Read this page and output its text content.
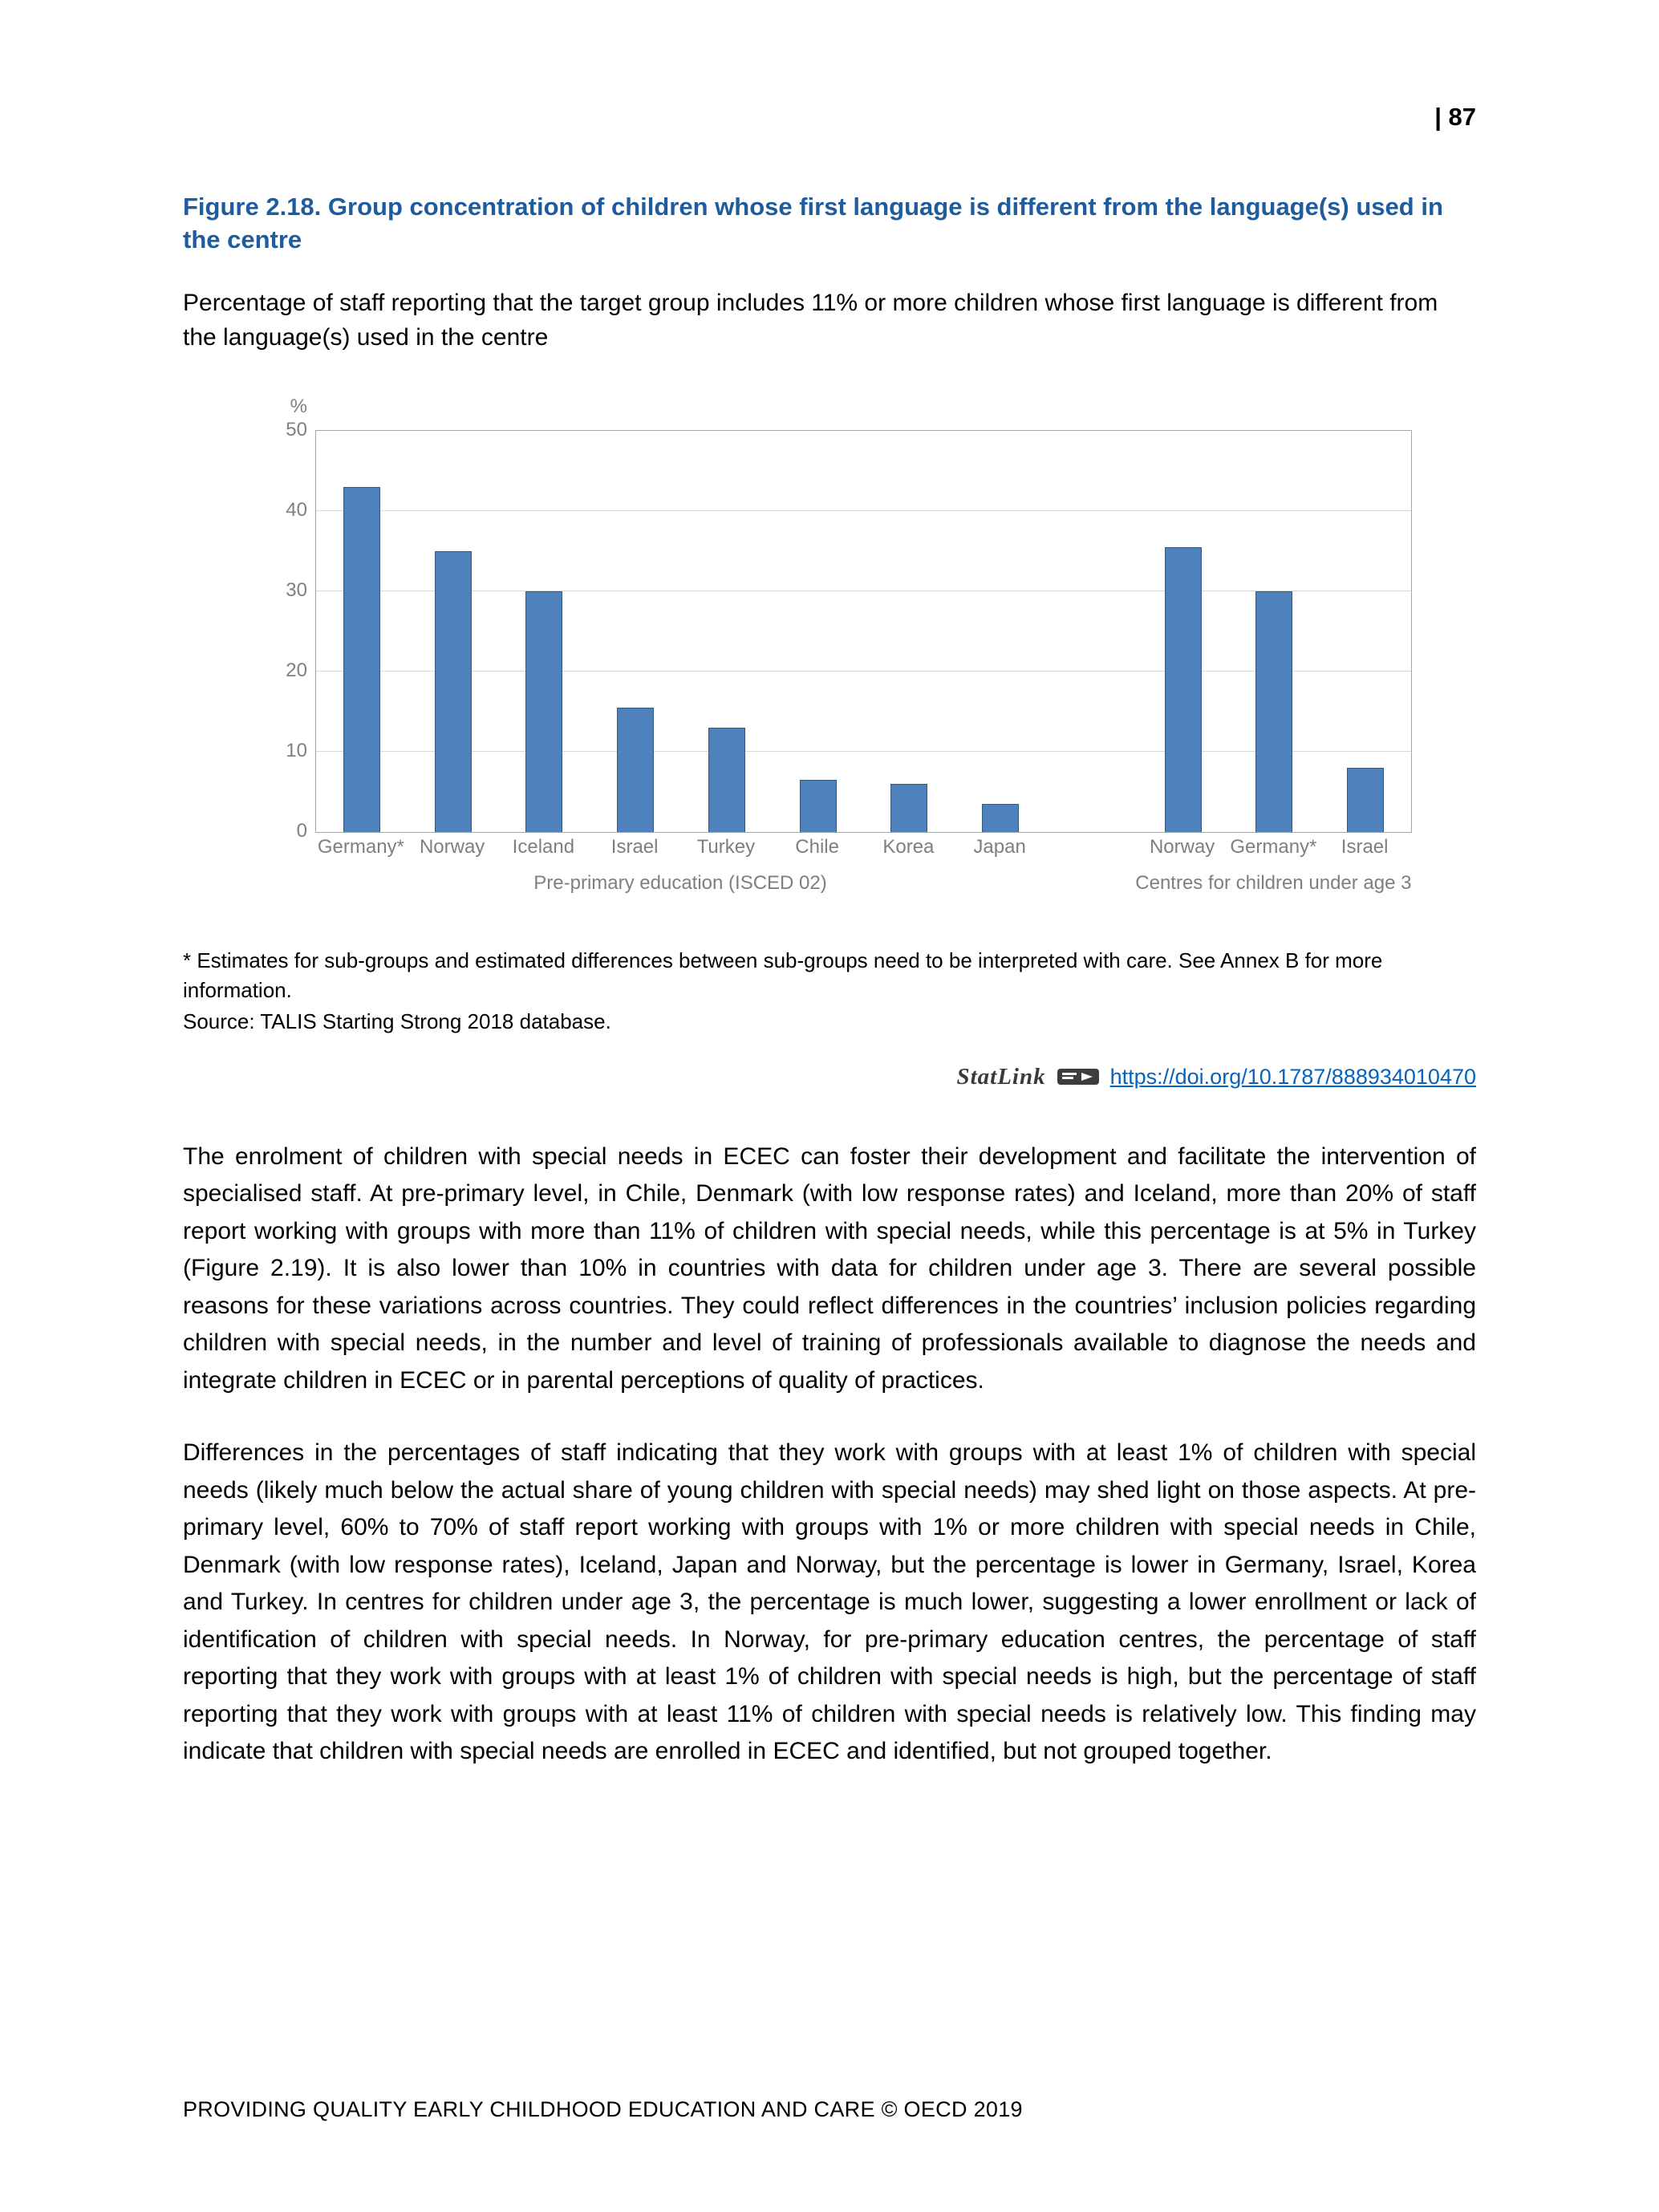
| 87
Figure 2.18. Group concentration of children whose first language is different from the language(s) used in the centre

Percentage of staff reporting that the target group includes 11% or more children whose first language is different from the language(s) used in the centre

%
0
10
20
30
40
50
Germany* Norway Iceland Israel Turkey Chile Korea Japan	Norway Germany* Israel
Pre-primary education (ISCED 02)	Centres for children under age 3

* Estimates for sub-groups and estimated differences between sub-groups need to be interpreted with care. See Annex B for more information.

Source: TALIS Starting Strong 2018 database.

StatLink	https://doi.org/10.1787/888934010470

The enrolment of children with special needs in ECEC can foster their development and facilitate the intervention of specialised staff. At pre-primary level, in Chile, Denmark (with low response rates) and Iceland, more than 20% of staff report working with groups with more than 11% of children with special needs, while this percentage is at 5% in Turkey (Figure 2.19). It is also lower than 10% in countries with data for children under age 3. There are several possible reasons for these variations across countries. They could reflect differences in the countries’ inclusion policies regarding children with special needs, in the number and level of training of professionals available to diagnose the needs and integrate children in ECEC or in parental perceptions of quality of practices.

Differences in the percentages of staff indicating that they work with groups with at least 1% of children with special needs (likely much below the actual share of young children with special needs) may shed light on those aspects. At pre-primary level, 60% to 70% of staff report working with groups with 1% or more children with special needs in Chile, Denmark (with low response rates), Iceland, Japan and Norway, but the percentage is lower in Germany, Israel, Korea and Turkey. In centres for children under age 3, the percentage is much lower, suggesting a lower enrollment or lack of identification of children with special needs. In Norway, for pre-primary education centres, the percentage of staff reporting that they work with groups with at least 1% of children with special needs is high, but the percentage of staff reporting that they work with groups with at least 11% of children with special needs is relatively low. This finding may indicate that children with special needs are enrolled in ECEC and identified, but not grouped together.

PROVIDING QUALITY EARLY CHILDHOOD EDUCATION AND CARE © OECD 2019
